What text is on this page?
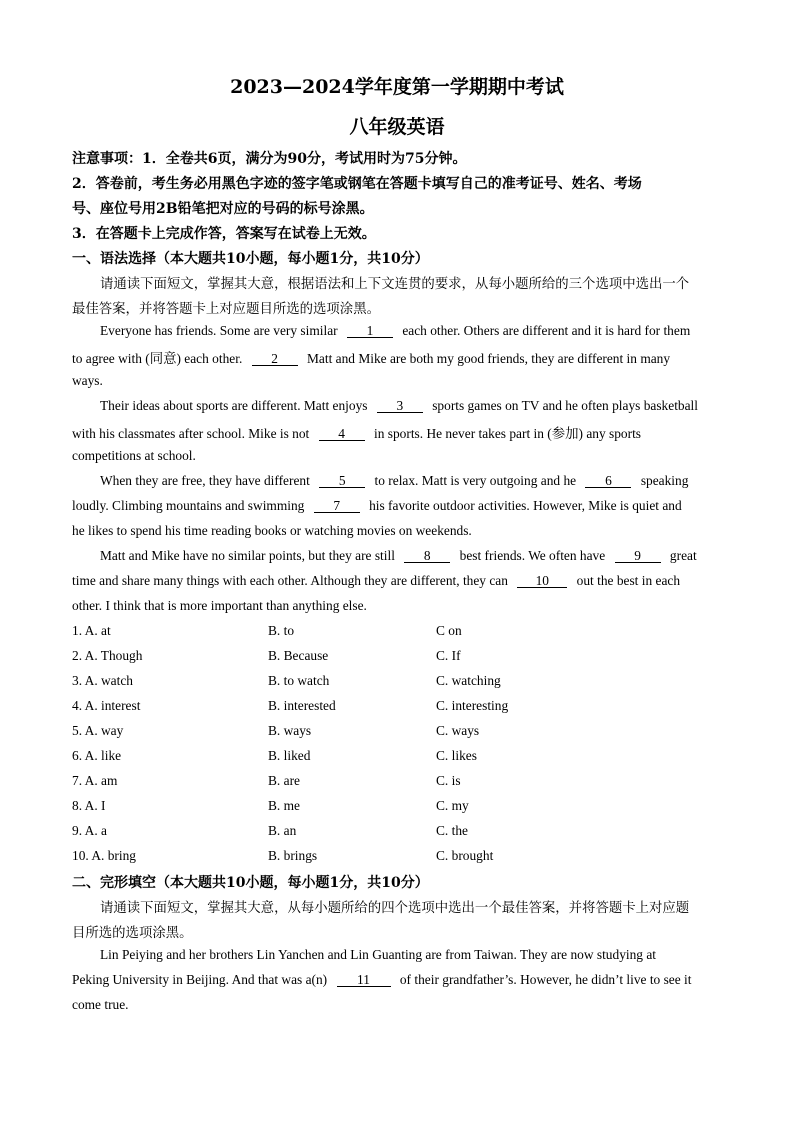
2023—2024学年度第一学期期中考试
八年级英语
注意事项：1．全卷共6页，满分为90分，考试用时为75分钟。
2．答卷前，考生务必用黑色字迹的签字笔或钢笔在答题卡填写自己的准考证号、姓名、考场
号、座位号用2B铅笔把对应的号码的标号涂黑。
3．在答题卡上完成作答，答案写在试卷上无效。
一、语法选择（本大题共10小题，每小题1分，共10分）
请通读下面短文，掌握其大意，根据语法和上下文连贯的要求，从每小题所给的三个选项中选出一个
最佳答案，并将答题卡上对应题目所选的选项涂黑。
Everyone has friends. Some are very similar 1 each other. Others are different and it is hard for them
to agree with (同意) each other. 2 Matt and Mike are both my good friends, they are different in many
ways.
Their ideas about sports are different. Matt enjoys 3 sports games on TV and he often plays basketball
with his classmates after school. Mike is not 4 in sports. He never takes part in (参加) any sports
competitions at school.
When they are free, they have different 5 to relax. Matt is very outgoing and he 6 speaking
loudly. Climbing mountains and swimming 7 his favorite outdoor activities. However, Mike is quiet and
he likes to spend his time reading books or watching movies on weekends.
Matt and Mike have no similar points, but they are still 8 best friends. We often have 9 great
time and share many things with each other. Although they are different, they can 10 out the best in each
other. I think that is more important than anything else.
1. A. at	B. to	C on
2. A. Though	B. Because	C. If
3. A. watch	B. to watch	C. watching
4. A. interest	B. interested	C. interesting
5. A. way	B. ways	C. ways
6. A. like	B. liked	C. likes
7. A. am	B. are	C. is
8. A. I	B. me	C. my
9. A. a	B. an	C. the
10. A. bring	B. brings	C. brought
二、完形填空（本大题共10小题，每小题1分，共10分）
请通读下面短文，掌握其大意，从每小题所给的四个选项中选出一个最佳答案，并将答题卡上对应题
目所选的选项涂黑。
Lin Peiying and her brothers Lin Yanchen and Lin Guanting are from Taiwan. They are now studying at
Peking University in Beijing. And that was a(n) 11 of their grandfather’s. However, he didn’t live to see it
come true.
